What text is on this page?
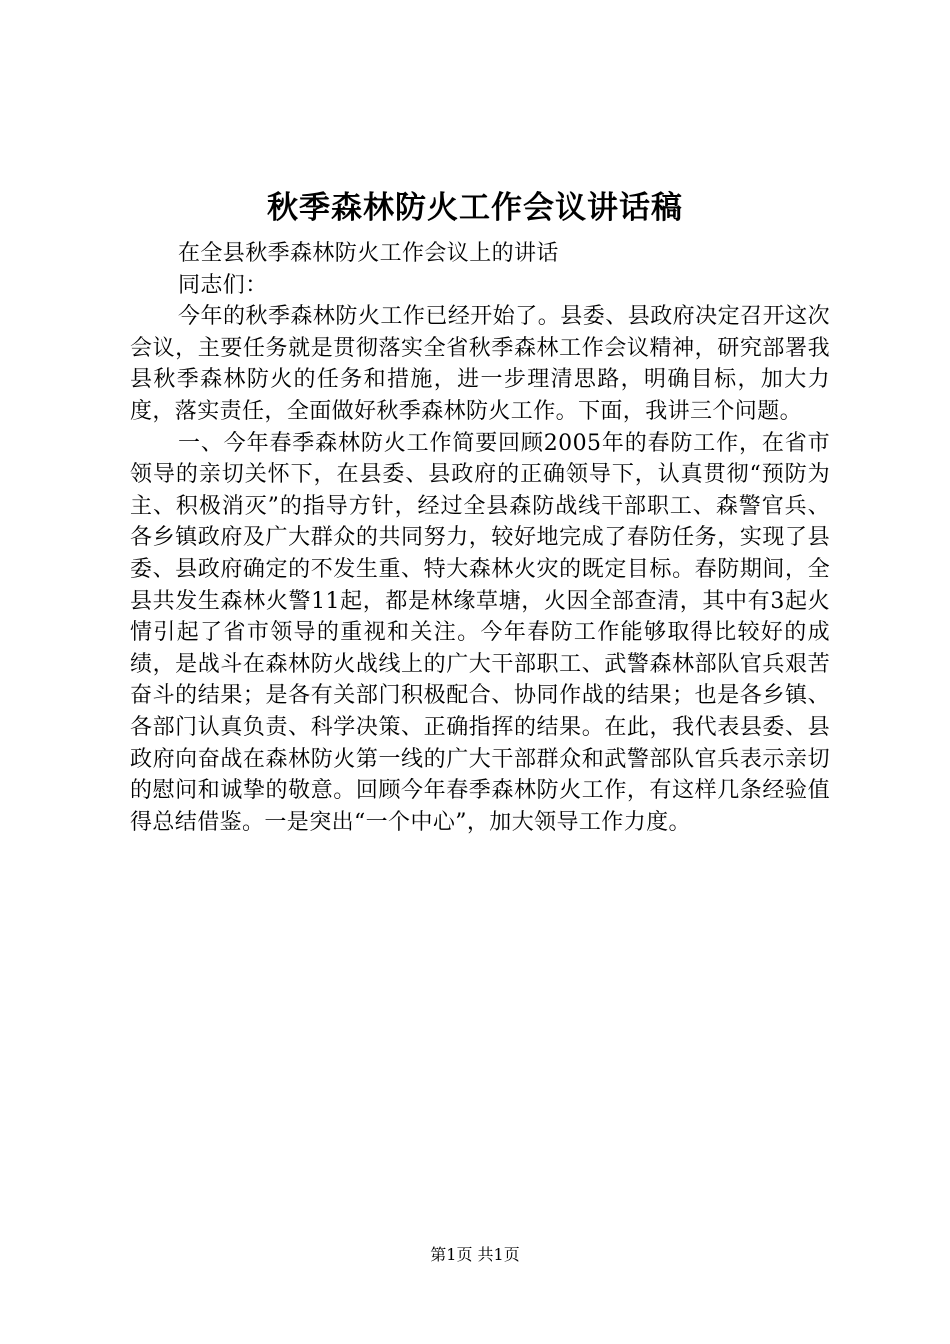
秋季森林防火工作会议讲话稿

在全县秋季森林防火工作会议上的讲话

同志们：

今年的秋季森林防火工作已经开始了。县委、县政府决定召开这次会议，主要任务就是贯彻落实全省秋季森林工作会议精神，研究部署我县秋季森林防火的任务和措施，进一步理清思路，明确目标，加大力度，落实责任，全面做好秋季森林防火工作。下面，我讲三个问题。

一、今年春季森林防火工作简要回顾2005年的春防工作，在省市领导的亲切关怀下，在县委、县政府的正确领导下，认真贯彻“预防为主、积极消灭”的指导方针，经过全县森防战线干部职工、森警官兵、各乡镇政府及广大群众的共同努力，较好地完成了春防任务，实现了县委、县政府确定的不发生重、特大森林火灾的既定目标。春防期间，全县共发生森林火警11起，都是林缘草塘，火因全部查清，其中有3起火情引起了省市领导的重视和关注。今年春防工作能够取得比较好的成绩，是战斗在森林防火战线上的广大干部职工、武警森林部队官兵艰苦奋斗的结果；是各有关部门积极配合、协同作战的结果；也是各乡镇、各部门认真负责、科学决策、正确指挥的结果。在此，我代表县委、县政府向奋战在森林防火第一线的广大干部群众和武警部队官兵表示亲切的慰问和诚挚的敬意。回顾今年春季森林防火工作，有这样几条经验值得总结借鉴。一是突出“一个中心”，加大领导工作力度。

第1页 共1页
